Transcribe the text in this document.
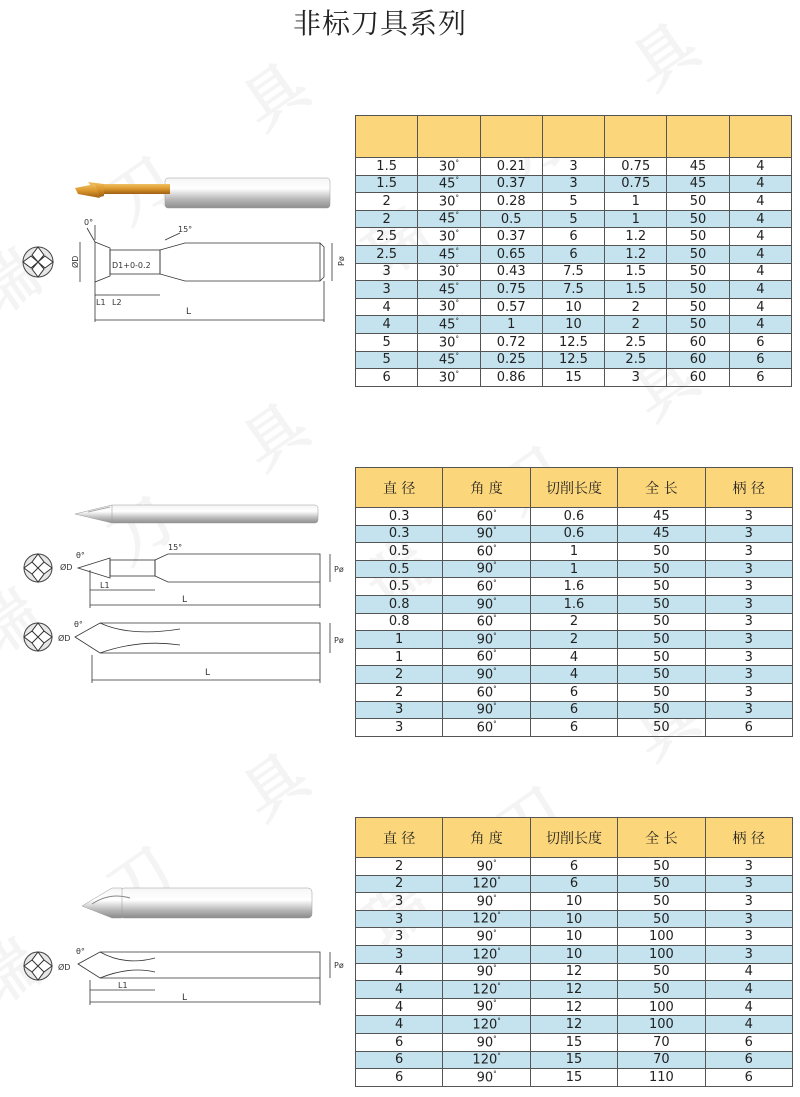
非标刀具系列
0°
15°
ØD	D1+0-0.2	Pø
L1 L2
L
θ°
15°
ØD	Pø
L1
L
θ°
ØD	Pø
L
θ°
ØD	Pø
L1
L

1.5	30°	0.21	3	0.75	45	4
1.5	45°	0.37	3	0.75	45	4
2	30°	0.28	5	1	50	4
2	45°	0.5	5	1	50	4
2.5	30°	0.37	6	1.2	50	4
2.5	45°	0.65	6	1.2	50	4
3	30°	0.43	7.5	1.5	50	4
3	45°	0.75	7.5	1.5	50	4
4	30°	0.57	10	2	50	4
4	45°	1	10	2	50	4
5	30°	0.72	12.5	2.5	60	6
5	45°	0.25	12.5	2.5	60	6
6	30°	0.86	15	3	60	6
直 径	角 度	切削长度	全 长	柄 径
0.3	60°	0.6	45	3
0.3	90°	0.6	45	3
0.5	60°	1	50	3
0.5	90°	1	50	3
0.5	60°	1.6	50	3
0.8	90°	1.6	50	3
0.8	60°	2	50	3
1	90°	2	50	3
1	60°	4	50	3
2	90°	4	50	3
2	60°	6	50	3
3	90°	6	50	3
3	60°	6	50	6
直 径	角 度	切削长度	全 长	柄 径
2	90°	6	50	3
2	120°	6	50	3
3	90°	10	50	3
3	120°	10	50	3
3	90°	10	100	3
3	120°	10	100	3
4	90°	12	50	4
4	120°	12	50	4
4	90°	12	100	4
4	120°	12	100	4
6	90°	15	70	6
6	120°	15	70	6
6	90°	15	110	6
